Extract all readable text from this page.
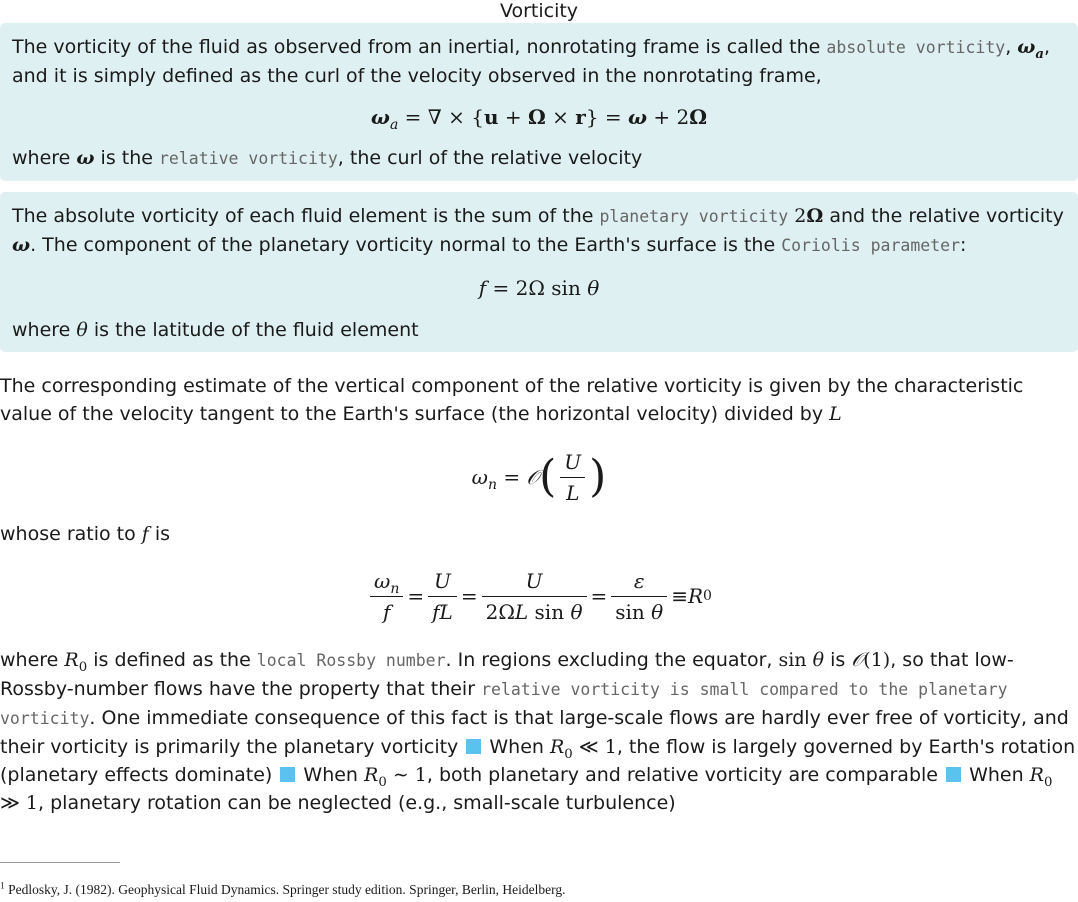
Vorticity
The vorticity of the fluid as observed from an inertial, nonrotating frame is called the absolute vorticity, $\omega_a$, and it is simply defined as the curl of the velocity observed in the nonrotating frame,
$\omega_a$ = ∇ × {u + Ω × r} = ω + 2Ω
where ω is the relative vorticity, the curl of the relative velocity
The absolute vorticity of each fluid element is the sum of the planetary vorticity 2Ω and the relative vorticity ω. The component of the planetary vorticity normal to the Earth's surface is the Coriolis parameter:
f = 2Ω sin θ
where θ is the latitude of the fluid element
The corresponding estimate of the vertical component of the relative vorticity is given by the characteristic value of the velocity tangent to the Earth's surface (the horizontal velocity) divided by L
$\omega_n$ = 𝒪 ( $\frac{U}{L}$ )
whose ratio to f is
$\frac{\omega_n}{f} = \frac{U}{fL} = \frac{U}{\text{2ΩL sin θ}} = \frac{\varepsilon}{\text{sin θ}} \equiv R$ 0
where $R_0$ is defined as the local Rossby number. In regions excluding the equator, sin θ is 𝒪(1), so that low-Rossby-number flows have the property that their relative vorticity is small compared to the planetary vorticity. One immediate consequence of this fact is that large-scale flows are hardly ever free of vorticity, and their vorticity is primarily the planetary vorticity  When $R_0$ ≪ 1, the flow is largely governed by Earth's rotation (planetary effects dominate)  When $R_0$ ∼ 1, both planetary and relative vorticity are comparable  When $R_0$ ≫ 1, planetary rotation can be neglected (e.g., small-scale turbulence)
$^1$ Pedlosky, J. (1982). Geophysical Fluid Dynamics. Springer study edition. Springer, Berlin, Heidelberg.
